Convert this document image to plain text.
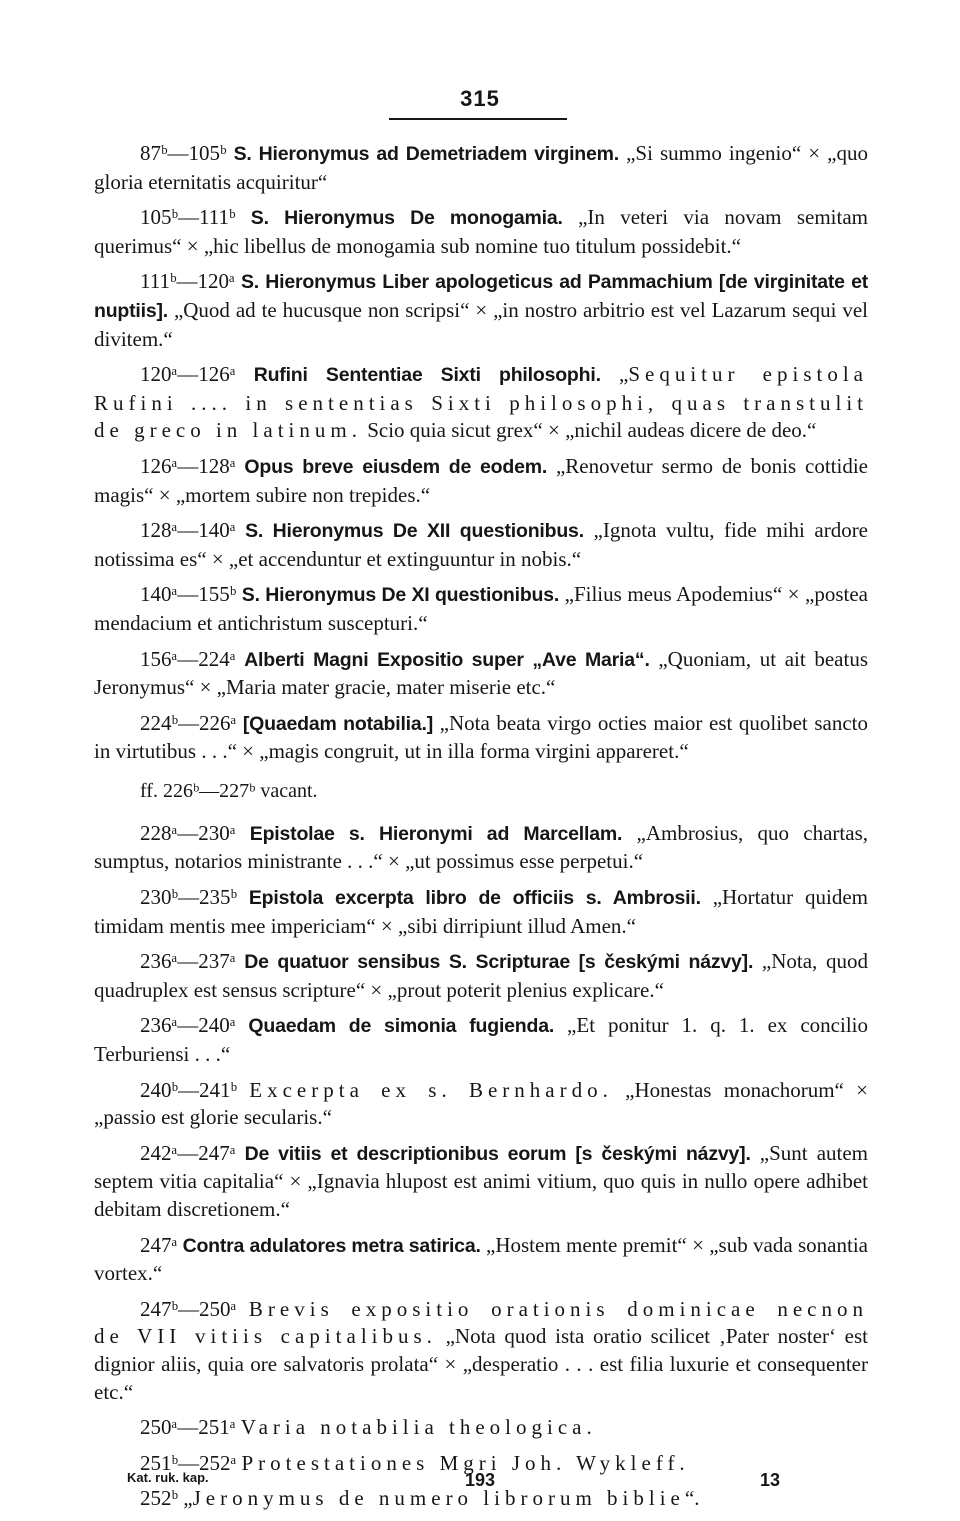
315

87ᵇ—105ᵇ S. Hieronymus ad Demetriadem virginem. „Si summo ingenio“ × „quo gloria eternitatis acquiritur“

105ᵇ—111ᵇ S. Hieronymus De monogamia. „In veteri via novam semitam querimus“ × „hic libellus de monogamia sub nomine tuo titulum possidebit.“

111ᵇ—120ᵃ S. Hieronymus Liber apologeticus ad Pammachium [de virginitate et nuptiis]. „Quod ad te hucusque non scripsi“ × „in nostro arbitrio est vel Lazarum sequi vel divitem.“

120ᵃ—126ᵃ Rufini Sententiae Sixti philosophi. „Sequitur epistola Rufini .... in sententias Sixti philosophi, quas transtulit de greco in latinum. Scio quia sicut grex“ × „nichil audeas dicere de deo.“

126ᵃ—128ᵃ Opus breve eiusdem de eodem. „Renovetur sermo de bonis cottidie magis“ × „mortem subire non trepides.“

128ᵃ—140ᵃ S. Hieronymus De XII questionibus. „Ignota vultu, fide mihi ardore notissima es“ × „et accenduntur et extinguuntur in nobis.“

140ᵃ—155ᵇ S. Hieronymus De XI questionibus. „Filius meus Apodemius“ × „postea mendacium et antichristum suscepturi.“

156ᵃ—224ᵃ Alberti Magni Expositio super „Ave Maria“. „Quoniam, ut ait beatus Jeronymus“ × „Maria mater gracie, mater miserie etc.“

224ᵇ—226ᵃ [Quaedam notabilia.] „Nota beata virgo octies maior est quolibet sancto in virtutibus . . .“ × „magis congruit, ut in illa forma virgini appareret.“

ff. 226ᵇ—227ᵇ vacant.

228ᵃ—230ᵃ Epistolae s. Hieronymi ad Marcellam. „Ambrosius, quo chartas, sumptus, notarios ministrante . . .“ × „ut possimus esse perpetui.“

230ᵇ—235ᵇ Epistola excerpta libro de officiis s. Ambrosii. „Hortatur quidem timidam mentis mee impericiam“ × „sibi dirripiunt illud Amen.“

236ᵃ—237ᵃ De quatuor sensibus S. Scripturae [s českými názvy]. „Nota, quod quadruplex est sensus scripture“ × „prout poterit plenius explicare.“

236ᵃ—240ᵃ Quaedam de simonia fugienda. „Et ponitur 1. q. 1. ex concilio Terburiensi . . .“

240ᵇ—241ᵇ Excerpta ex s. Bernhardo. „Honestas monachorum“ × „passio est glorie secularis.“

242ᵃ—247ᵃ De vitiis et descriptionibus eorum [s českými názvy]. „Sunt autem septem vitia capitalia“ × „Ignavia hlupost est animi vitium, quo quis in nullo opere adhibet debitam discretionem.“

247ᵃ Contra adulatores metra satirica. „Hostem mente premit“ × „sub vada sonantia vortex.“

247ᵇ—250ᵃ Brevis expositio orationis dominicae necnon de VII vitiis capitalibus. „Nota quod ista oratio scilicet ‚Pater noster‘ est dignior aliis, quia ore salvatoris prolata“ × „desperatio . . . est filia luxurie et consequenter etc.“

250ᵃ—251ᵃ Varia notabilia theologica.

251ᵇ—252ᵃ Protestationes Mgri Joh. Wykleff.

252ᵇ „Jeronymus de numero librorum biblie“.

Kat. ruk. kap.	193	13
